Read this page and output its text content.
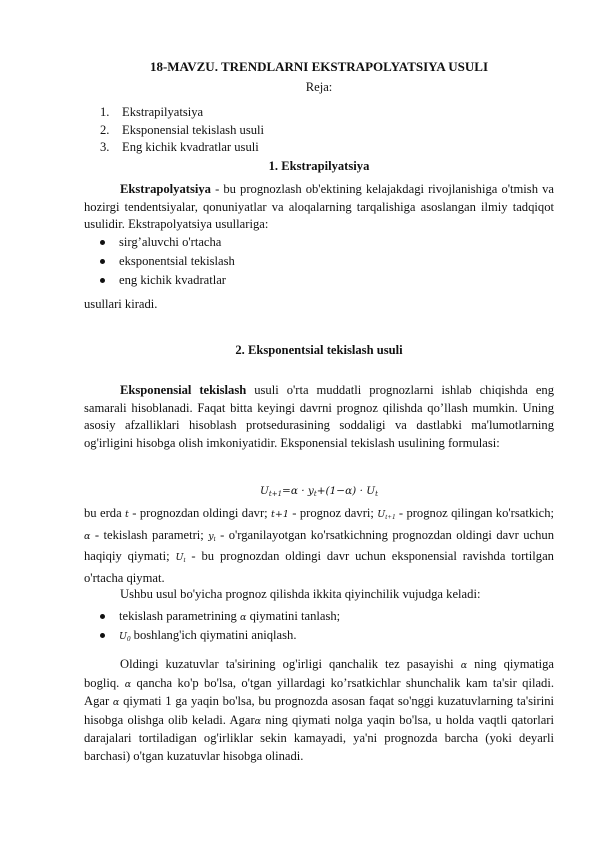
18-MAVZU. TRENDLARNI EKSTRAPOLYATSIYA USULI
Reja:
1. Ekstrapilyatsiya
2. Eksponensial tekislash usuli
3. Eng kichik kvadratlar usuli
1. Ekstrapilyatsiya
Ekstrapolyatsiya - bu prognozlash ob'ektining kelajakdagi rivojlanishiga o'tmish va hozirgi tendentsiyalar, qonuniyatlar va aloqalarning tarqalishiga asoslangan ilmiy tadqiqot usulidir. Ekstrapolyatsiya usullariga:
sirg’aluvchi o'rtacha
eksponentsial tekislash
eng kichik kvadratlar
usullari kiradi.
2. Eksponentsial tekislash usuli
Eksponensial tekislash usuli o'rta muddatli prognozlarni ishlab chiqishda eng samarali hisoblanadi. Faqat bitta keyingi davrni prognoz qilishda qo’llash mumkin. Uning asosiy afzalliklari hisoblash protsedurasining soddaligi va dastlabki ma'lumotlarning og'irligini hisobga olish imkoniyatidir. Eksponensial tekislash usulining formulasi:
$U_{t+1}=\alpha \cdot y_t+(1-\alpha) \cdot U_t$
bu erda t - prognozdan oldingi davr; t+1 - prognoz davri; $U_{t+1}$ - prognoz qilingan ko'rsatkich; α - tekislash parametri; $y_t$ - o'rganilayotgan ko'rsatkichning prognozdan oldingi davr uchun haqiqiy qiymati; $U_t$ - bu prognozdan oldingi davr uchun eksponensial ravishda tortilgan o'rtacha qiymat.
Ushbu usul bo'yicha prognoz qilishda ikkita qiyinchilik vujudga keladi:
tekislash parametrining α qiymatini tanlash;
$U_0$ boshlang'ich qiymatini aniqlash.
Oldingi kuzatuvlar ta'sirining og'irligi qanchalik tez pasayishi α ning qiymatiga bogliq. α qancha ko'p bo'lsa, o'tgan yillardagi ko’rsatkichlar shunchalik kam ta'sir qiladi. Agar α qiymati 1 ga yaqin bo'lsa, bu prognozda asosan faqat so'nggi kuzatuvlarning ta'sirini hisobga olishga olib keladi. Agarα ning qiymati nolga yaqin bo'lsa, u holda vaqtli qatorlari darajalari tortiladigan og'irliklar sekin kamayadi, ya'ni prognozda barcha (yoki deyarli barchasi) o'tgan kuzatuvlar hisobga olinadi.
